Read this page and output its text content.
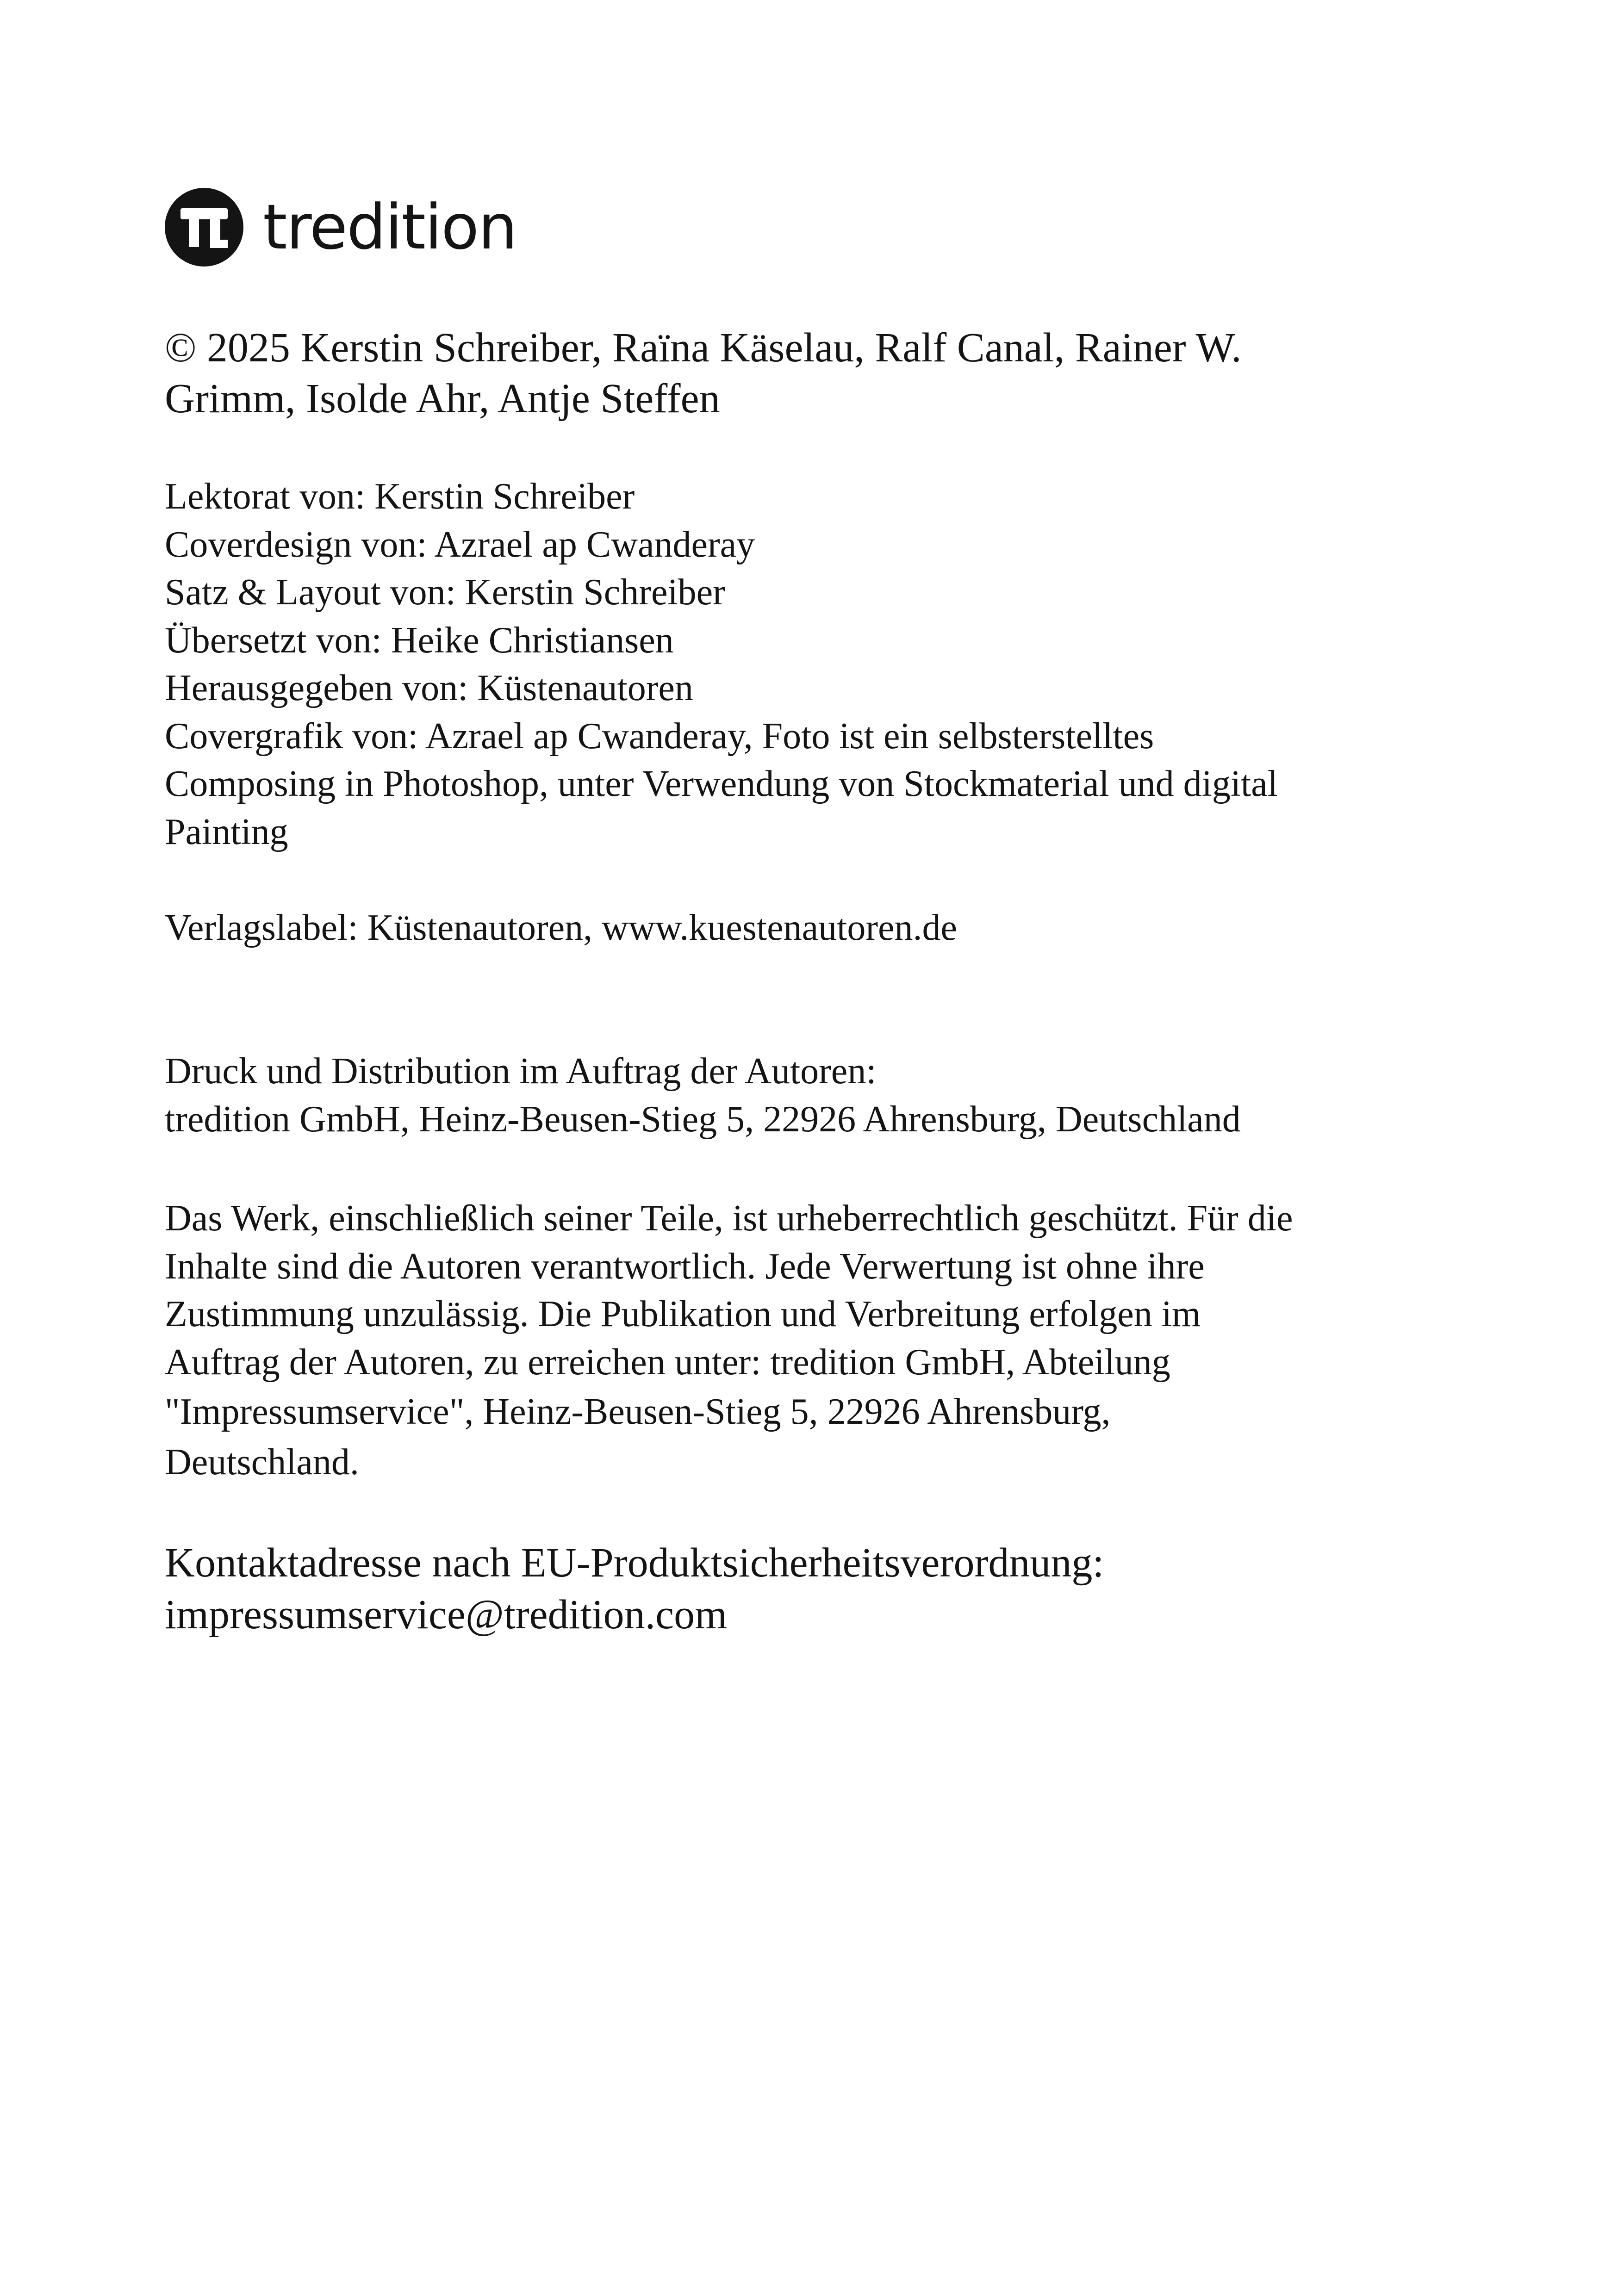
tredition
© 2025 Kerstin Schreiber, Raïna Käselau, Ralf Canal, Rainer W.
Grimm, Isolde Ahr, Antje Steffen
Lektorat von: Kerstin Schreiber
Coverdesign von: Azrael ap Cwanderay
Satz & Layout von: Kerstin Schreiber
Übersetzt von: Heike Christiansen
Herausgegeben von: Küstenautoren
Covergrafik von: Azrael ap Cwanderay, Foto ist ein selbsterstelltes
Composing in Photoshop, unter Verwendung von Stockmaterial und digital
Painting
Verlagslabel: Küstenautoren, www.kuestenautoren.de
Druck und Distribution im Auftrag der Autoren:
tredition GmbH, Heinz-Beusen-Stieg 5, 22926 Ahrensburg, Deutschland
Das Werk, einschließlich seiner Teile, ist urheberrechtlich geschützt. Für die
Inhalte sind die Autoren verantwortlich. Jede Verwertung ist ohne ihre
Zustimmung unzulässig. Die Publikation und Verbreitung erfolgen im
Auftrag der Autoren, zu erreichen unter: tredition GmbH, Abteilung
"Impressumservice", Heinz-Beusen-Stieg 5, 22926 Ahrensburg,
Deutschland.
Kontaktadresse nach EU-Produktsicherheitsverordnung:
impressumservice@tredition.com
